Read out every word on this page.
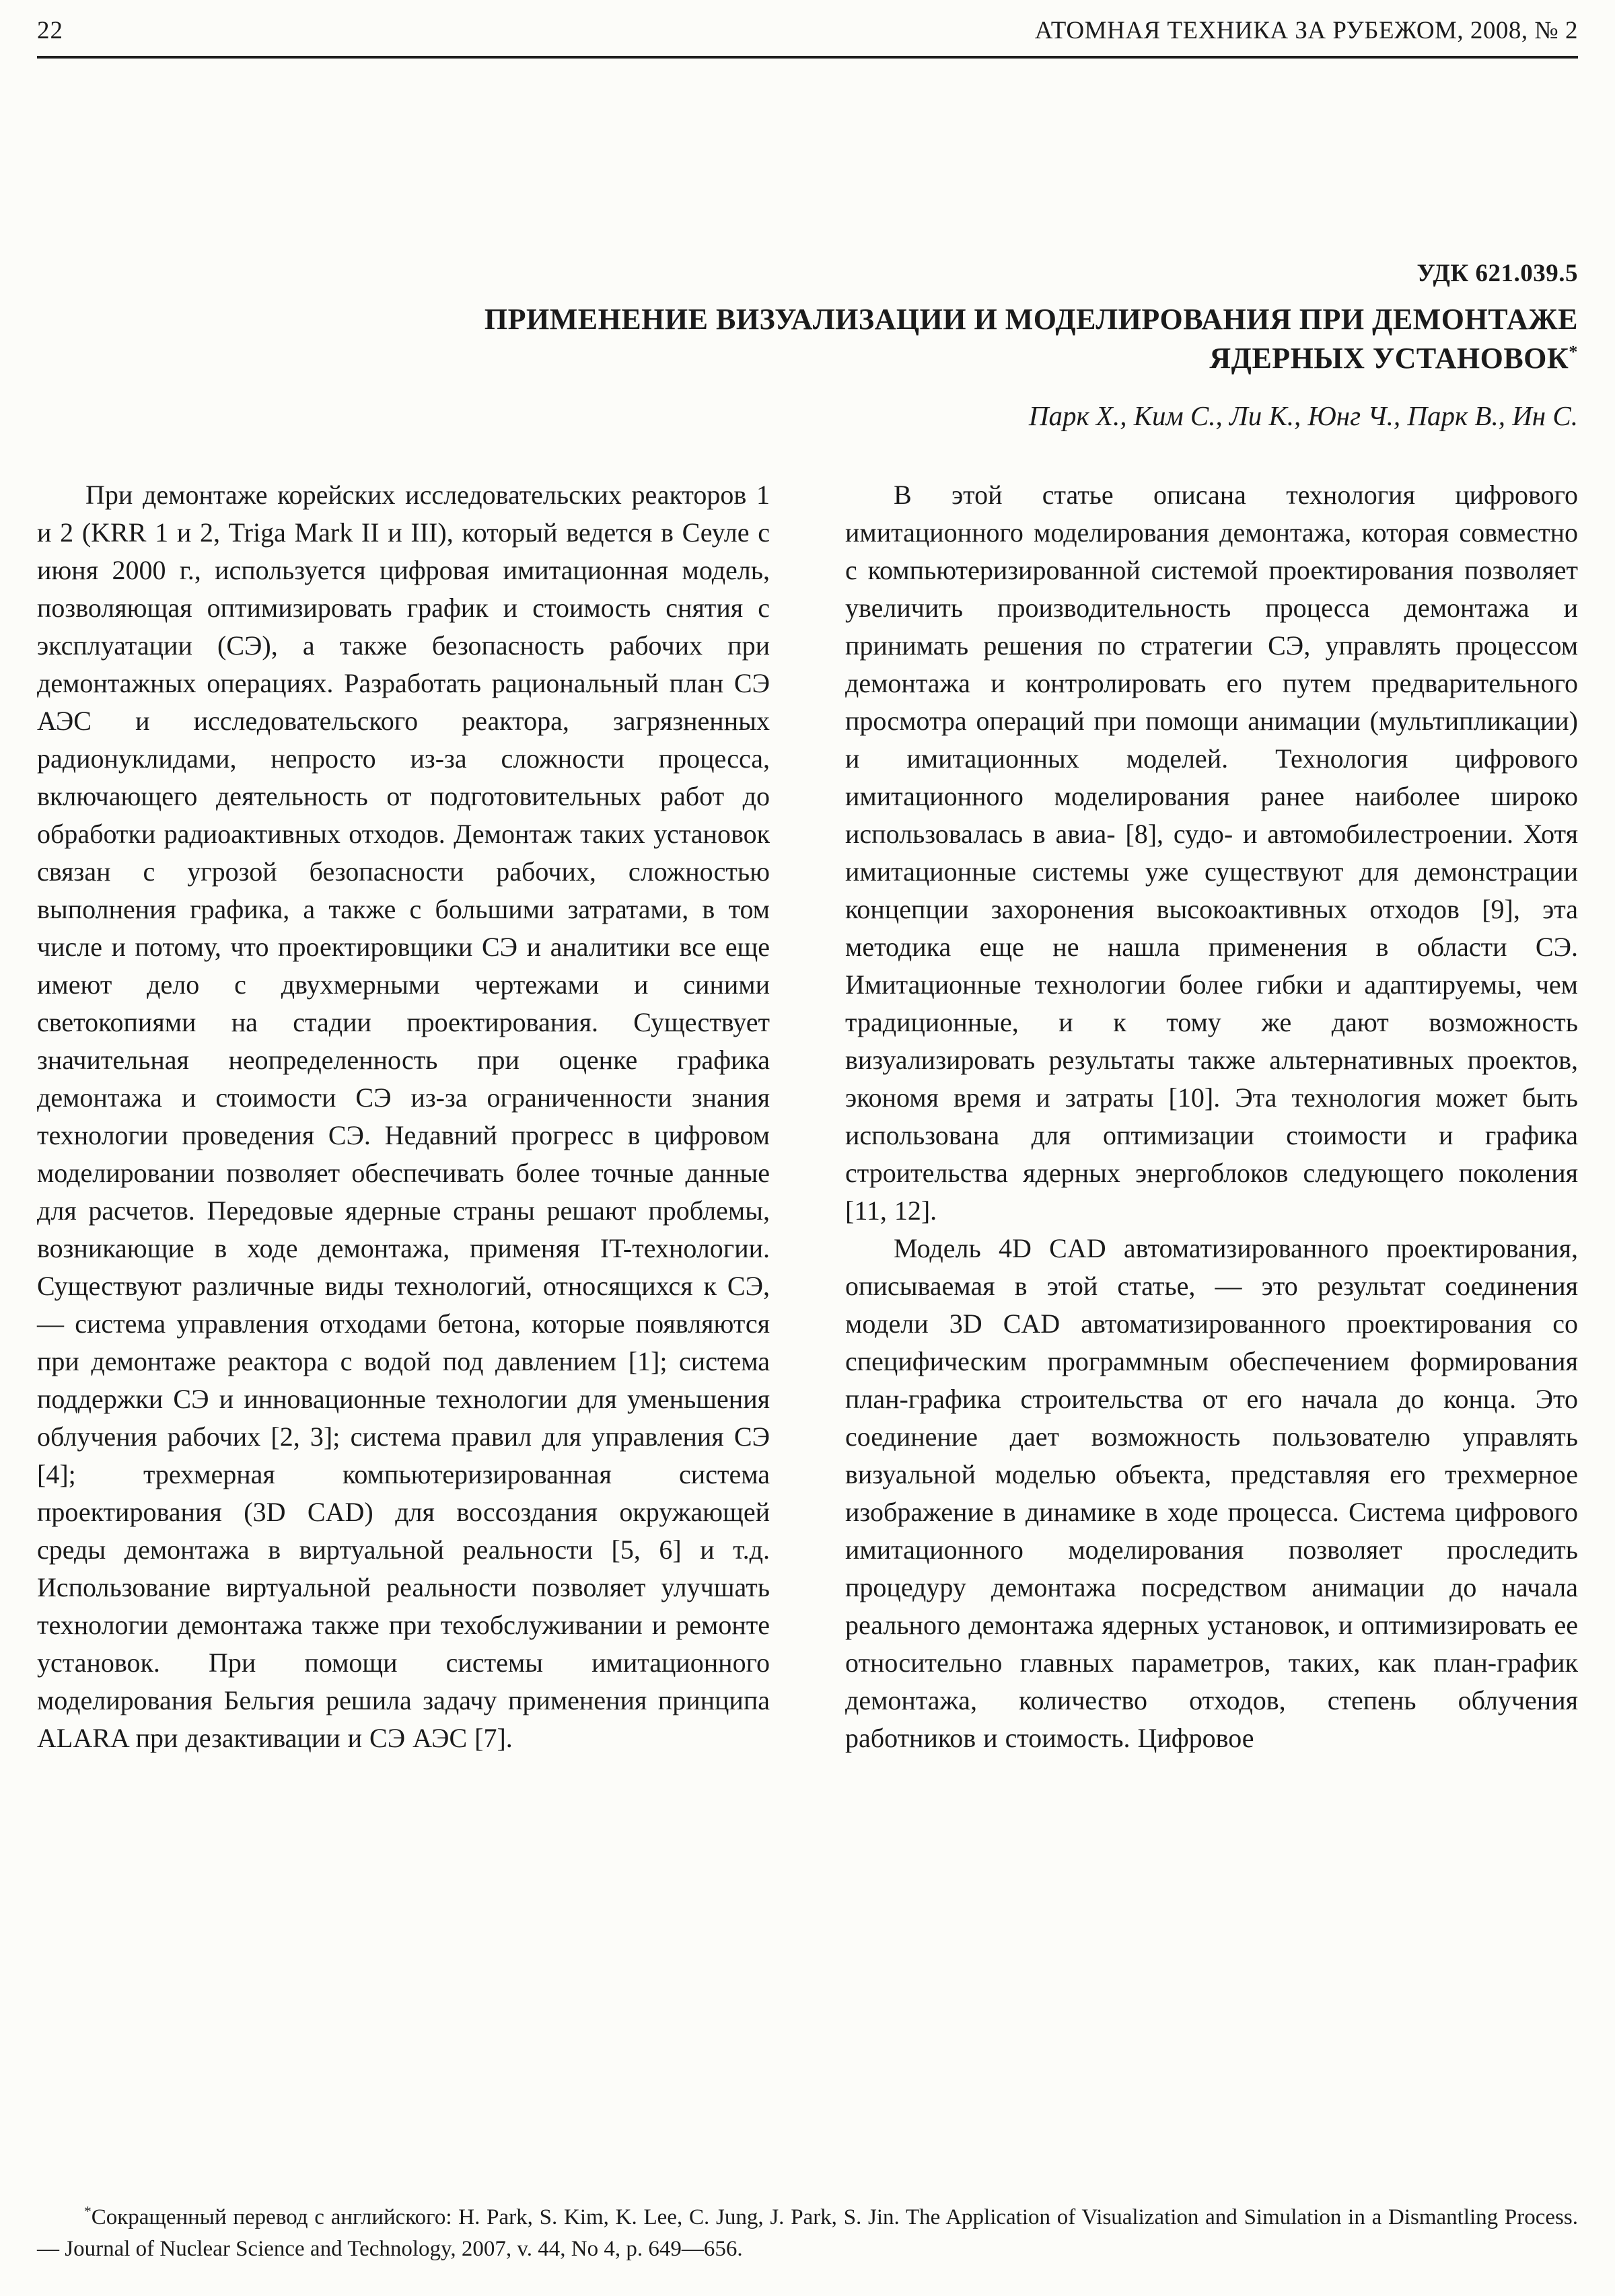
22	АТОМНАЯ ТЕХНИКА ЗА РУБЕЖОМ, 2008, № 2
УДК 621.039.5
ПРИМЕНЕНИЕ ВИЗУАЛИЗАЦИИ И МОДЕЛИРОВАНИЯ ПРИ ДЕМОНТАЖЕ
ЯДЕРНЫХ УСТАНОВОК*
Парк Х., Ким С., Ли К., Юнг Ч., Парк В., Ин С.

При демонтаже корейских исследовательских реакторов 1 и 2 (KRR 1 и 2, Triga Mark II и III), который ведется в Сеуле с июня 2000 г., используется цифровая имитационная модель, позволяющая оптимизировать график и стоимость снятия с эксплуатации (СЭ), а также безопасность рабочих при демонтажных операциях. Разработать рациональный план СЭ АЭС и исследовательского реактора, загрязненных радионуклидами, непросто из-за сложности процесса, включающего деятельность от подготовительных работ до обработки радиоактивных отходов. Демонтаж таких установок связан с угрозой безопасности рабочих, сложностью выполнения графика, а также с большими затратами, в том числе и потому, что проектировщики СЭ и аналитики все еще имеют дело с двухмерными чертежами и синими светокопиями на стадии проектирования. Существует значительная неопределенность при оценке графика демонтажа и стоимости СЭ из-за ограниченности знания технологии проведения СЭ. Недавний прогресс в цифровом моделировании позволяет обеспечивать более точные данные для расчетов. Передовые ядерные страны решают проблемы, возникающие в ходе демонтажа, применяя IT-технологии. Существуют различные виды технологий, относящихся к СЭ, — система управления отходами бетона, которые появляются при демонтаже реактора с водой под давлением [1]; система поддержки СЭ и инновационные технологии для уменьшения облучения рабочих [2, 3]; система правил для управления СЭ [4]; трехмерная компьютеризированная система проектирования (3D CAD) для воссоздания окружающей среды демонтажа в виртуальной реальности [5, 6] и т.д. Использование виртуальной реальности позволяет улучшать технологии демонтажа также при техобслуживании и ремонте установок. При помощи системы имитационного моделирования Бельгия решила задачу применения принципа ALARA при дезактивации и СЭ АЭС [7].

В этой статье описана технология цифрового имитационного моделирования демонтажа, которая совместно с компьютеризированной системой проектирования позволяет увеличить производительность процесса демонтажа и принимать решения по стратегии СЭ, управлять процессом демонтажа и контролировать его путем предварительного просмотра операций при помощи анимации (мультипликации) и имитационных моделей. Технология цифрового имитационного моделирования ранее наиболее широко использовалась в авиа- [8], судо- и автомобилестроении. Хотя имитационные системы уже существуют для демонстрации концепции захоронения высокоактивных отходов [9], эта методика еще не нашла применения в области СЭ. Имитационные технологии более гибки и адаптируемы, чем традиционные, и к тому же дают возможность визуализировать результаты также альтернативных проектов, экономя время и затраты [10]. Эта технология может быть использована для оптимизации стоимости и графика строительства ядерных энергоблоков следующего поколения [11, 12].

Модель 4D CAD автоматизированного проектирования, описываемая в этой статье, — это результат соединения модели 3D CAD автоматизированного проектирования со специфическим программным обеспечением формирования план-графика строительства от его начала до конца. Это соединение дает возможность пользователю управлять визуальной моделью объекта, представляя его трехмерное изображение в динамике в ходе процесса. Система цифрового имитационного моделирования позволяет проследить процедуру демонтажа посредством анимации до начала реального демонтажа ядерных установок, и оптимизировать ее относительно главных параметров, таких, как план-график демонтажа, количество отходов, степень облучения работников и стоимость. Цифровое

*Сокращенный перевод с английского: H. Park, S. Kim, K. Lee, C. Jung, J. Park, S. Jin. The Application of Visualization and Simulation in a Dismantling Process. — Journal of Nuclear Science and Technology, 2007, v. 44, No 4, p. 649—656.
